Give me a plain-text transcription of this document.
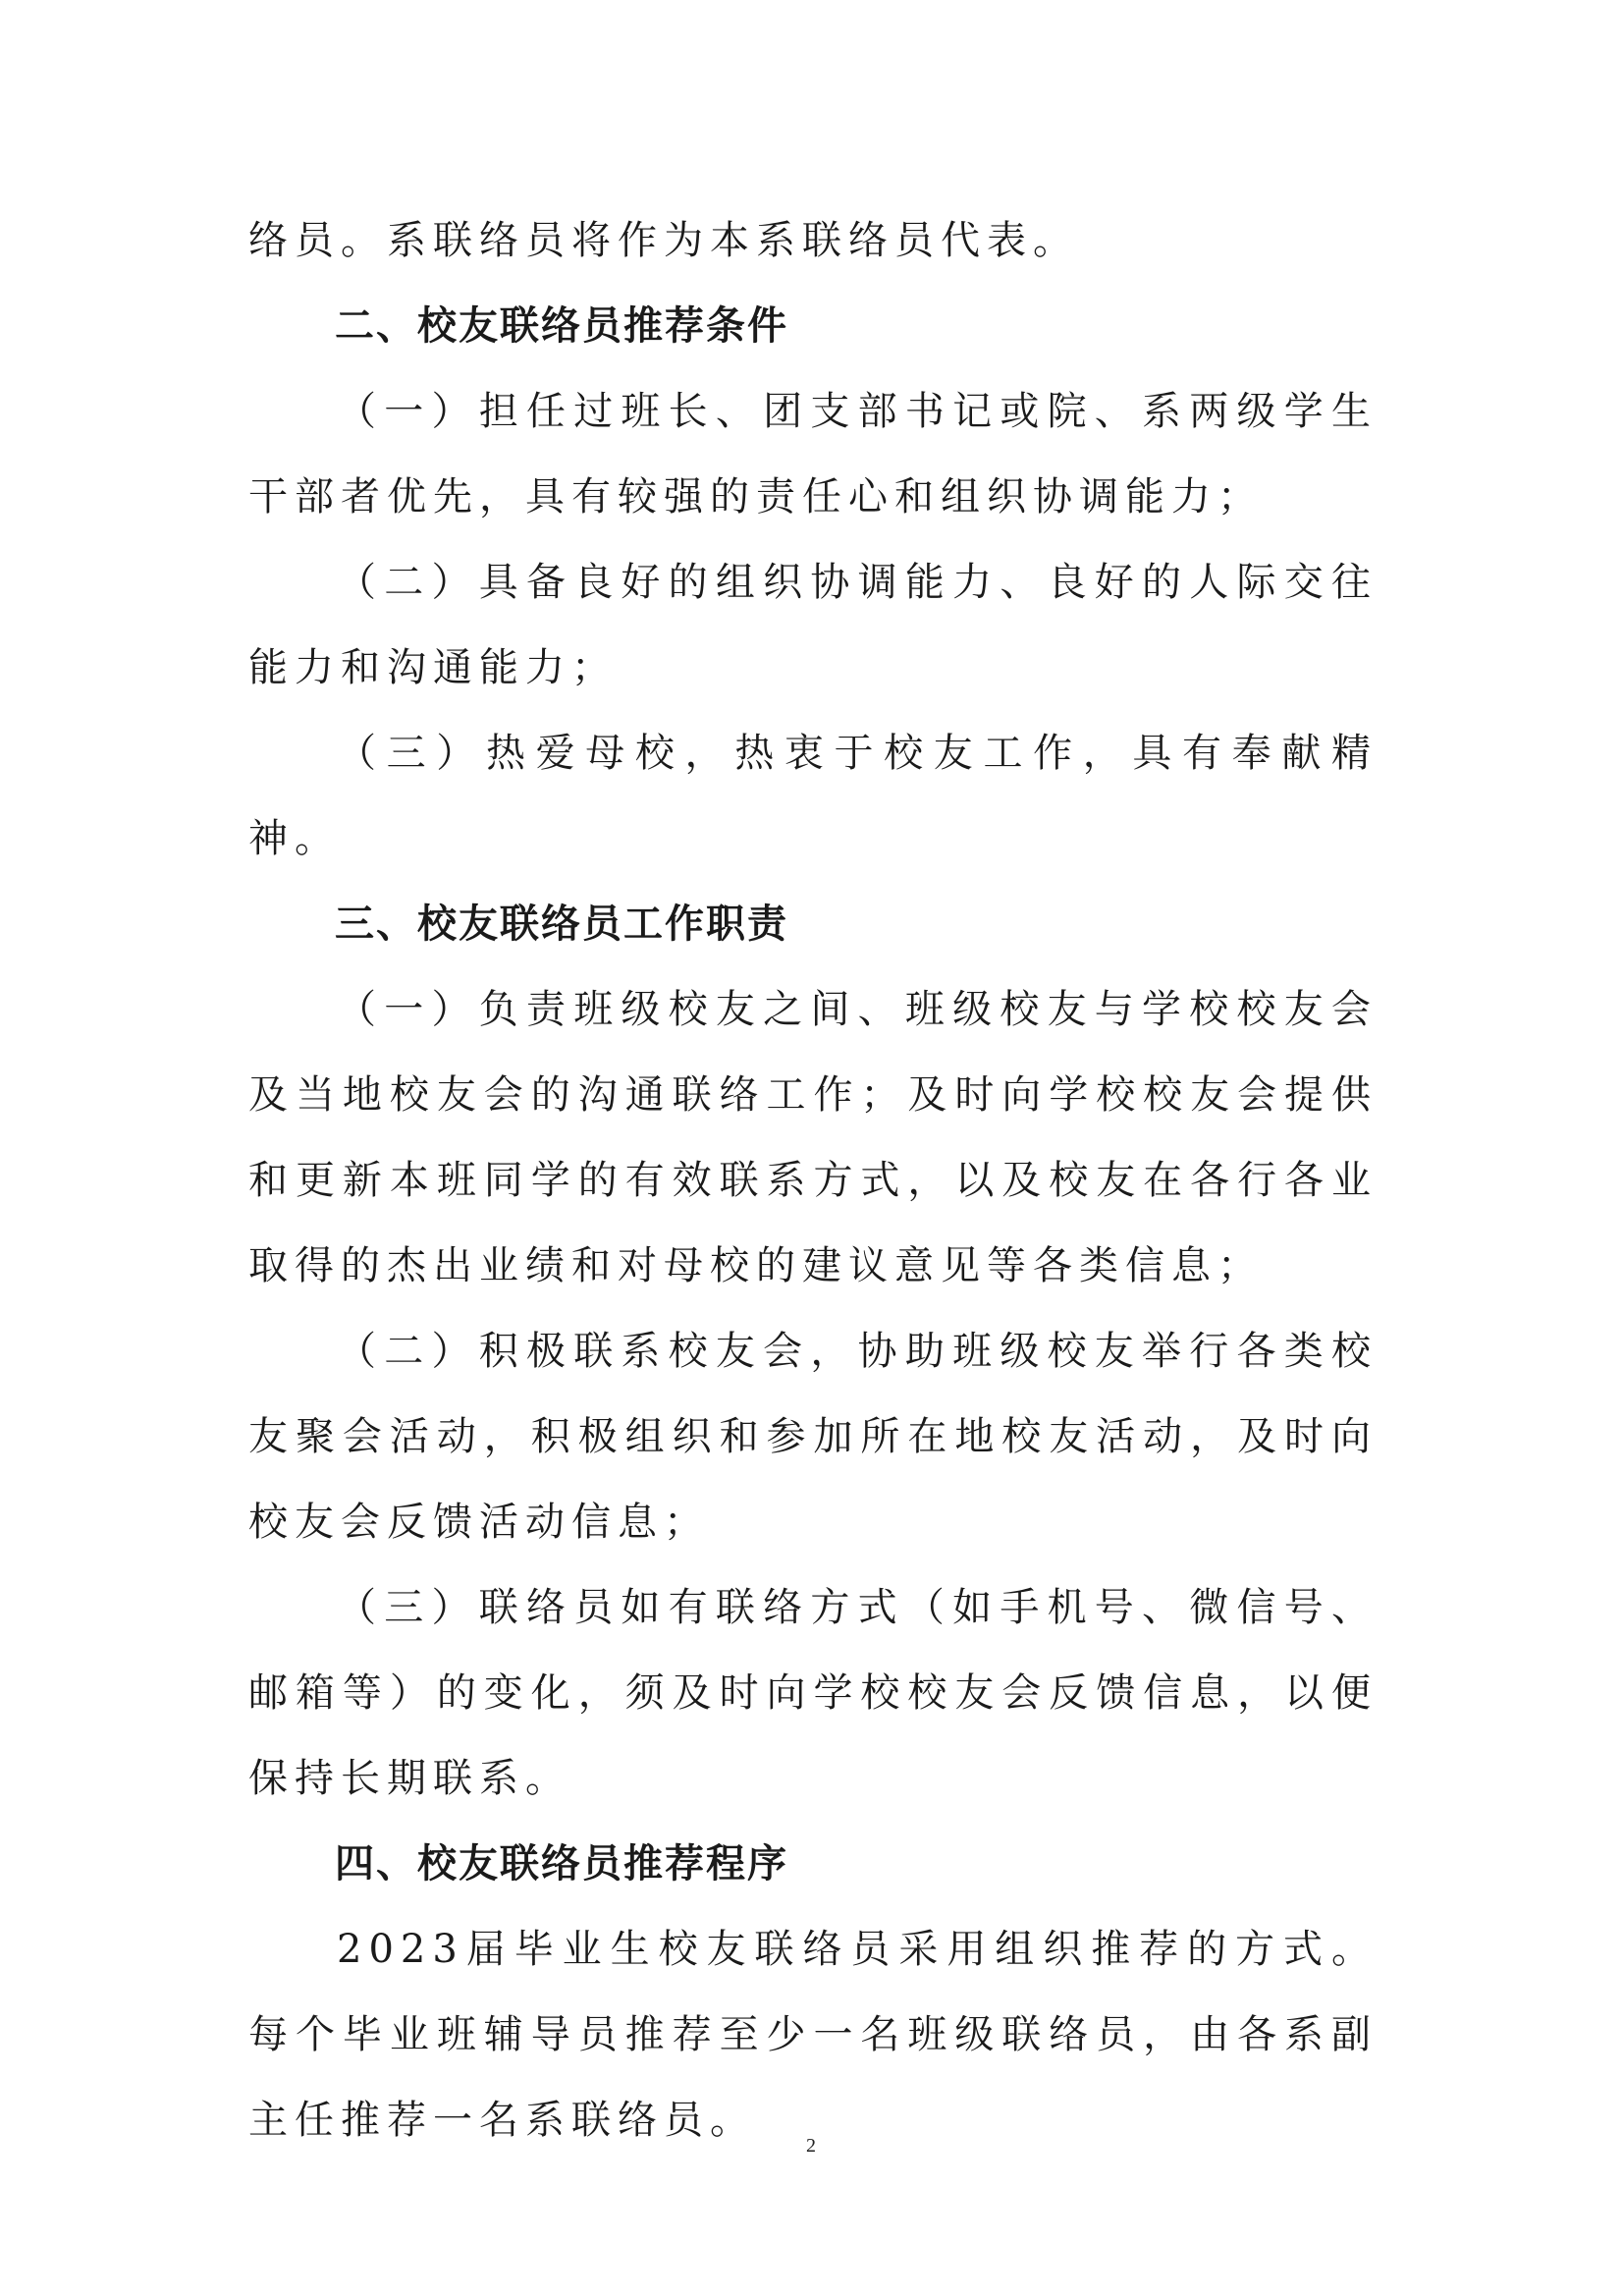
络员。系联络员将作为本系联络员代表。

二、校友联络员推荐条件

（一）担任过班长、团支部书记或院、系两级学生干部者优先，具有较强的责任心和组织协调能力；

（二）具备良好的组织协调能力、良好的人际交往能力和沟通能力；

（三）热爱母校，热衷于校友工作，具有奉献精神。

三、校友联络员工作职责

（一）负责班级校友之间、班级校友与学校校友会及当地校友会的沟通联络工作；及时向学校校友会提供和更新本班同学的有效联系方式，以及校友在各行各业取得的杰出业绩和对母校的建议意见等各类信息；

（二）积极联系校友会，协助班级校友举行各类校友聚会活动，积极组织和参加所在地校友活动，及时向校友会反馈活动信息；

（三）联络员如有联络方式（如手机号、微信号、邮箱等）的变化，须及时向学校校友会反馈信息，以便保持长期联系。

四、校友联络员推荐程序

2023届毕业生校友联络员采用组织推荐的方式。每个毕业班辅导员推荐至少一名班级联络员，由各系副主任推荐一名系联络员。

2
